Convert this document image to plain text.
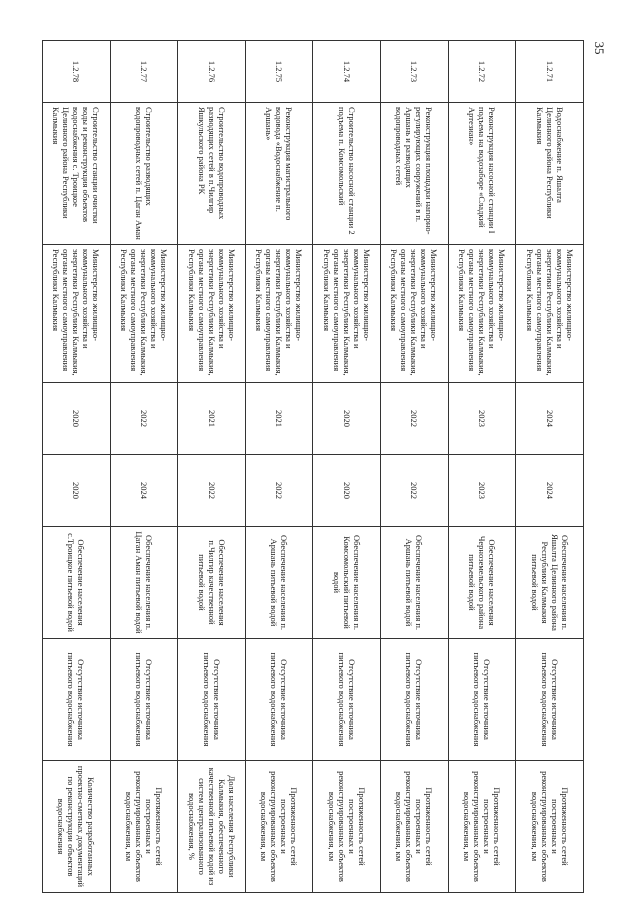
35
1.2.71	Водоснабжение п. Яшалта Целинного района Республики Калмыкия	Министерство жилищно-коммунального хозяйства и энергетики Республики Калмыкия, органы местного самоуправления Республики Калмыкия	2024	2024	Обеспечение населения п. Яшалта Целинного района Республики Калмыкия питьевой водой	Отсутствие источника питьевого водоснабжения	Протяженность сетей построенных и реконструированных объектов водоснабжения, км
1.2.72	Реконструкция насосной станции I подъема на водозаборе «Сладкий Артезиан»	Министерство жилищно-коммунального хозяйства и энергетики Республики Калмыкия, органы местного самоуправления Республики Калмыкия	2023	2023	Обеспечение населения Черноземельского района питьевой водой	Отсутствие источника питьевого водоснабжения	Протяженность сетей построенных и реконструированных объектов водоснабжения, км
1.2.73	Реконструкция площадки напорно-регулирующих сооружений в п. Аршань и разводящих водопроводных сетей	Министерство жилищно-коммунального хозяйства и энергетики Республики Калмыкия, органы местного самоуправления Республики Калмыкия	2022	2022	Обеспечение населения п. Аршань питьевой водой	Отсутствие источника питьевого водоснабжения	Протяженность сетей построенных и реконструированных объектов водоснабжения, км
1.2.74	Строительство насосной станции 2 подъема п. Комсомольский	Министерство жилищно-коммунального хозяйства и энергетики Республики Калмыкия, органы местного самоуправления Республики Калмыкия	2020	2020	Обеспечение населения п. Комсомольский питьевой водой	Отсутствие источника питьевого водоснабжения	Протяженность сетей построенных и реконструированных объектов водоснабжения, км
1.2.75	Реконструкция магистрального водовода «Водоснабжение п. Аршань»	Министерство жилищно-коммунального хозяйства и энергетики Республики Калмыкия, органы местного самоуправления Республики Калмыкия	2021	2022	Обеспечение населения п. Аршань питьевой водой	Отсутствие источника питьевого водоснабжения	Протяженность сетей построенных и реконструированных объектов водоснабжения, км
1.2.76	Строительство водопроводных разводящих сетей в п.Чилгир Яшкульского района РК	Министерство жилищно-коммунального хозяйства и энергетики Республики Калмыкия, органы местного самоуправления Республики Калмыкия	2021	2022	Обеспечение населения п.Чилгир качественной питьевой водой	Отсутствие источника питьевого водоснабжения	Доля населения Республики Калмыкия, обеспеченного качественной питьевой водой из систем централизованного водоснабжения, %
1.2.77	Строительство разводящих водопроводных сетей п. Цаган Аман	Министерство жилищно-коммунального хозяйства и энергетики Республики Калмыкия, органы местного самоуправления Республики Калмыкия	2022	2024	Обеспечение населения п. Цаган Аман питьевой водой	Отсутствие источника питьевого водоснабжения	Протяженность сетей построенных и реконструированных объектов водоснабжения, км
1.2.78	Строительство станции очистки воды и реконструкция объектов водоснабжения с. Троицкое Целинного района Республики Калмыкия	Министерство жилищно-коммунального хозяйства и энергетики Республики Калмыкия, органы местного самоуправления Республики Калмыкия	2020	2020	Обеспечение населения с.Троицкое питьевой водой	Отсутствие источника питьевого водоснабжения	Количество разработанных проектно-сметных документаций по реконструкции объектов водоснабжения
